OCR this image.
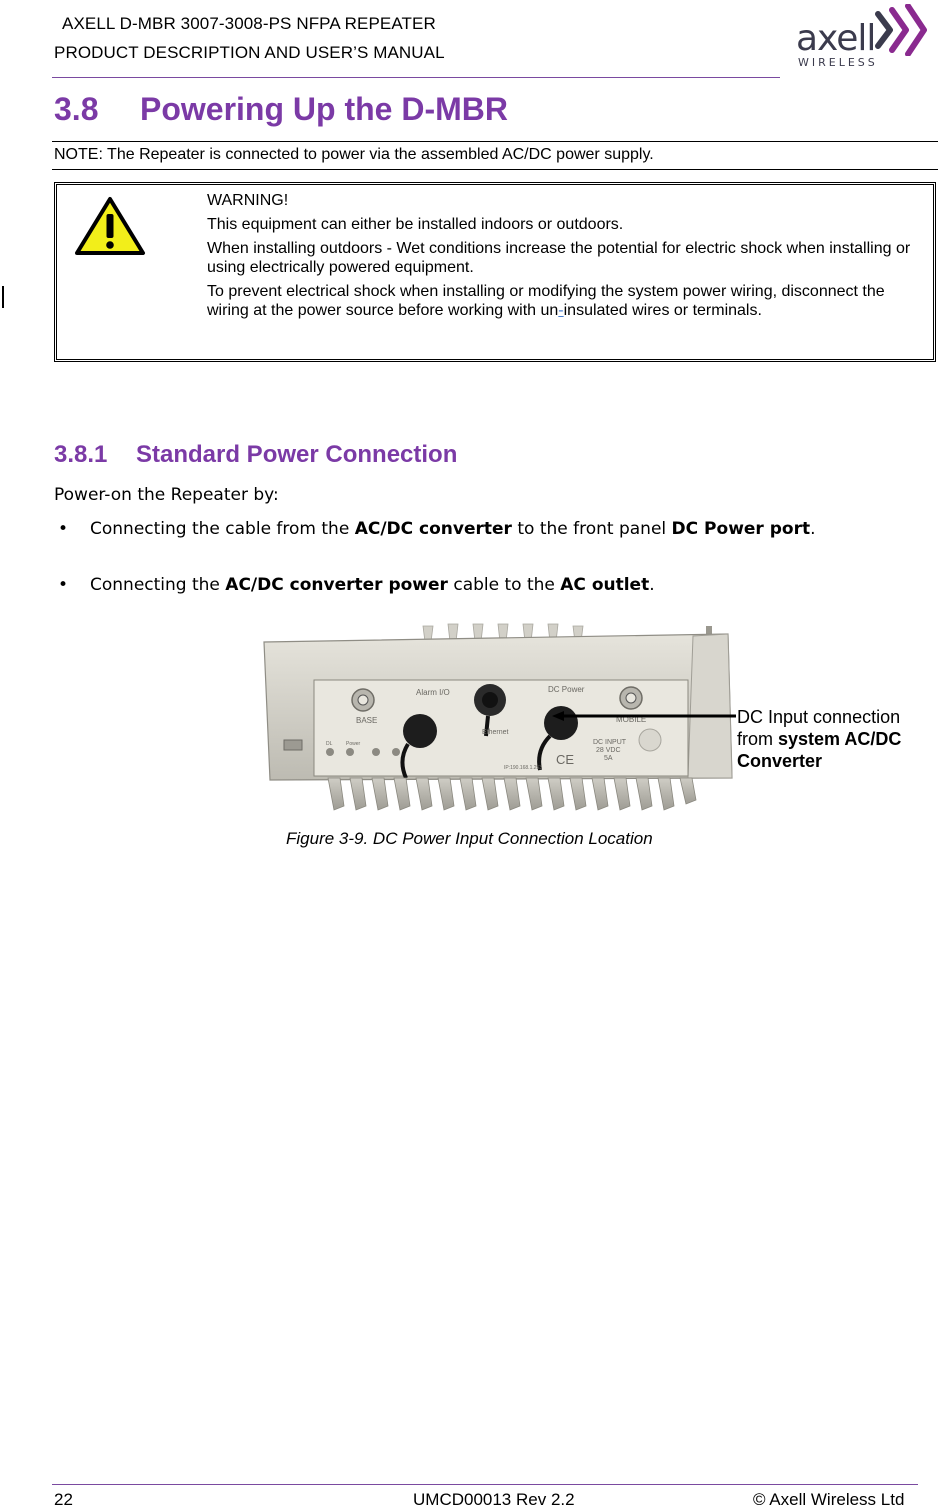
AXELL D-MBR 3007-3008-PS NFPA REPEATER
PRODUCT DESCRIPTION AND USER’S MANUAL	axell
WIRELESS
3.8 Powering Up the D-MBR
NOTE: The Repeater is connected to power via the assembled AC/DC power supply.

WARNING!

This equipment can either be installed indoors or outdoors.

When installing outdoors - Wet conditions increase the potential for electric shock when installing or using electrically powered equipment.

To prevent electrical shock when installing or modifying the system power wiring, disconnect the wiring at the power source before working with un-insulated wires or terminals.

3.8.1 Standard Power Connection
Power-on the Repeater by:
• Connecting the cable from the AC/DC converter to the front panel DC Power port.
• Connecting the AC/DC converter power cable to the AC outlet.
Alarm I/O	DC Power
BASE	MOBILE
Ethernet
DC INPUT
28 VDC
5A
IP:190.168.1.253
CE
DL	Power
DC Input connection
from system AC/DC
Converter
Figure 3-9. DC Power Input Connection Location
22	UMCD00013 Rev 2.2	© Axell Wireless Ltd
